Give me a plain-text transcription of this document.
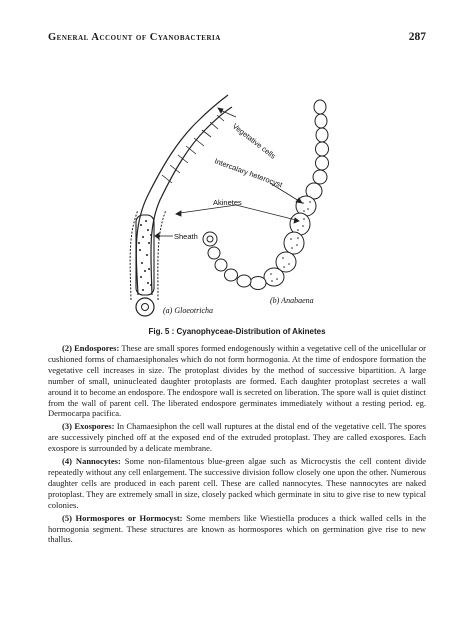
General Account of Cyanobacteria	287
Vegetative cells
Intercalary heterocyst
Akinetes
Sheath
(a) Gloeotricha
(b) Anabaena
Fig. 5 : Cyanophyceae-Distribution of Akinetes

(2) Endospores: These are small spores formed endogenously within a vegetative cell of the unicellular or cushioned forms of chamaesiphonales which do not form hormogonia. At the time of endospore formation the vegetative cell increases in size. The protoplast divides by the method of successive bipartition. A large number of small, uninucleated daughter protoplasts are formed. Each daughter protoplast secretes a wall around it to become an endospore. The endospore wall is secreted on liberation. The spore wall is quiet distinct from the wall of parent cell. The liberated endospore germinates immediately without a resting period. eg. Dermocarpa pacifica.

(3) Exospores: In Chamaesiphon the cell wall ruptures at the distal end of the vegetative cell. The spores are successively pinched off at the exposed end of the extruded protoplast. They are called exospores. Each exospore is surrounded by a delicate membrane.

(4) Nannocytes: Some non-filamentous blue-green algae such as Microcystis the cell content divide repeatedly without any cell enlargement. The successive division follow closely one upon the other. Numerous daughter cells are produced in each parent cell. These are called nannocytes. These nannocytes are naked protoplast. They are extremely small in size, closely packed which germinate in situ to give rise to new typical colonies.

(5) Hormospores or Hormocyst: Some members like Wiestiella produces a thick walled cells in the hormogonia segment. These structures are known as hormospores which on germination give rise to new thallus.
